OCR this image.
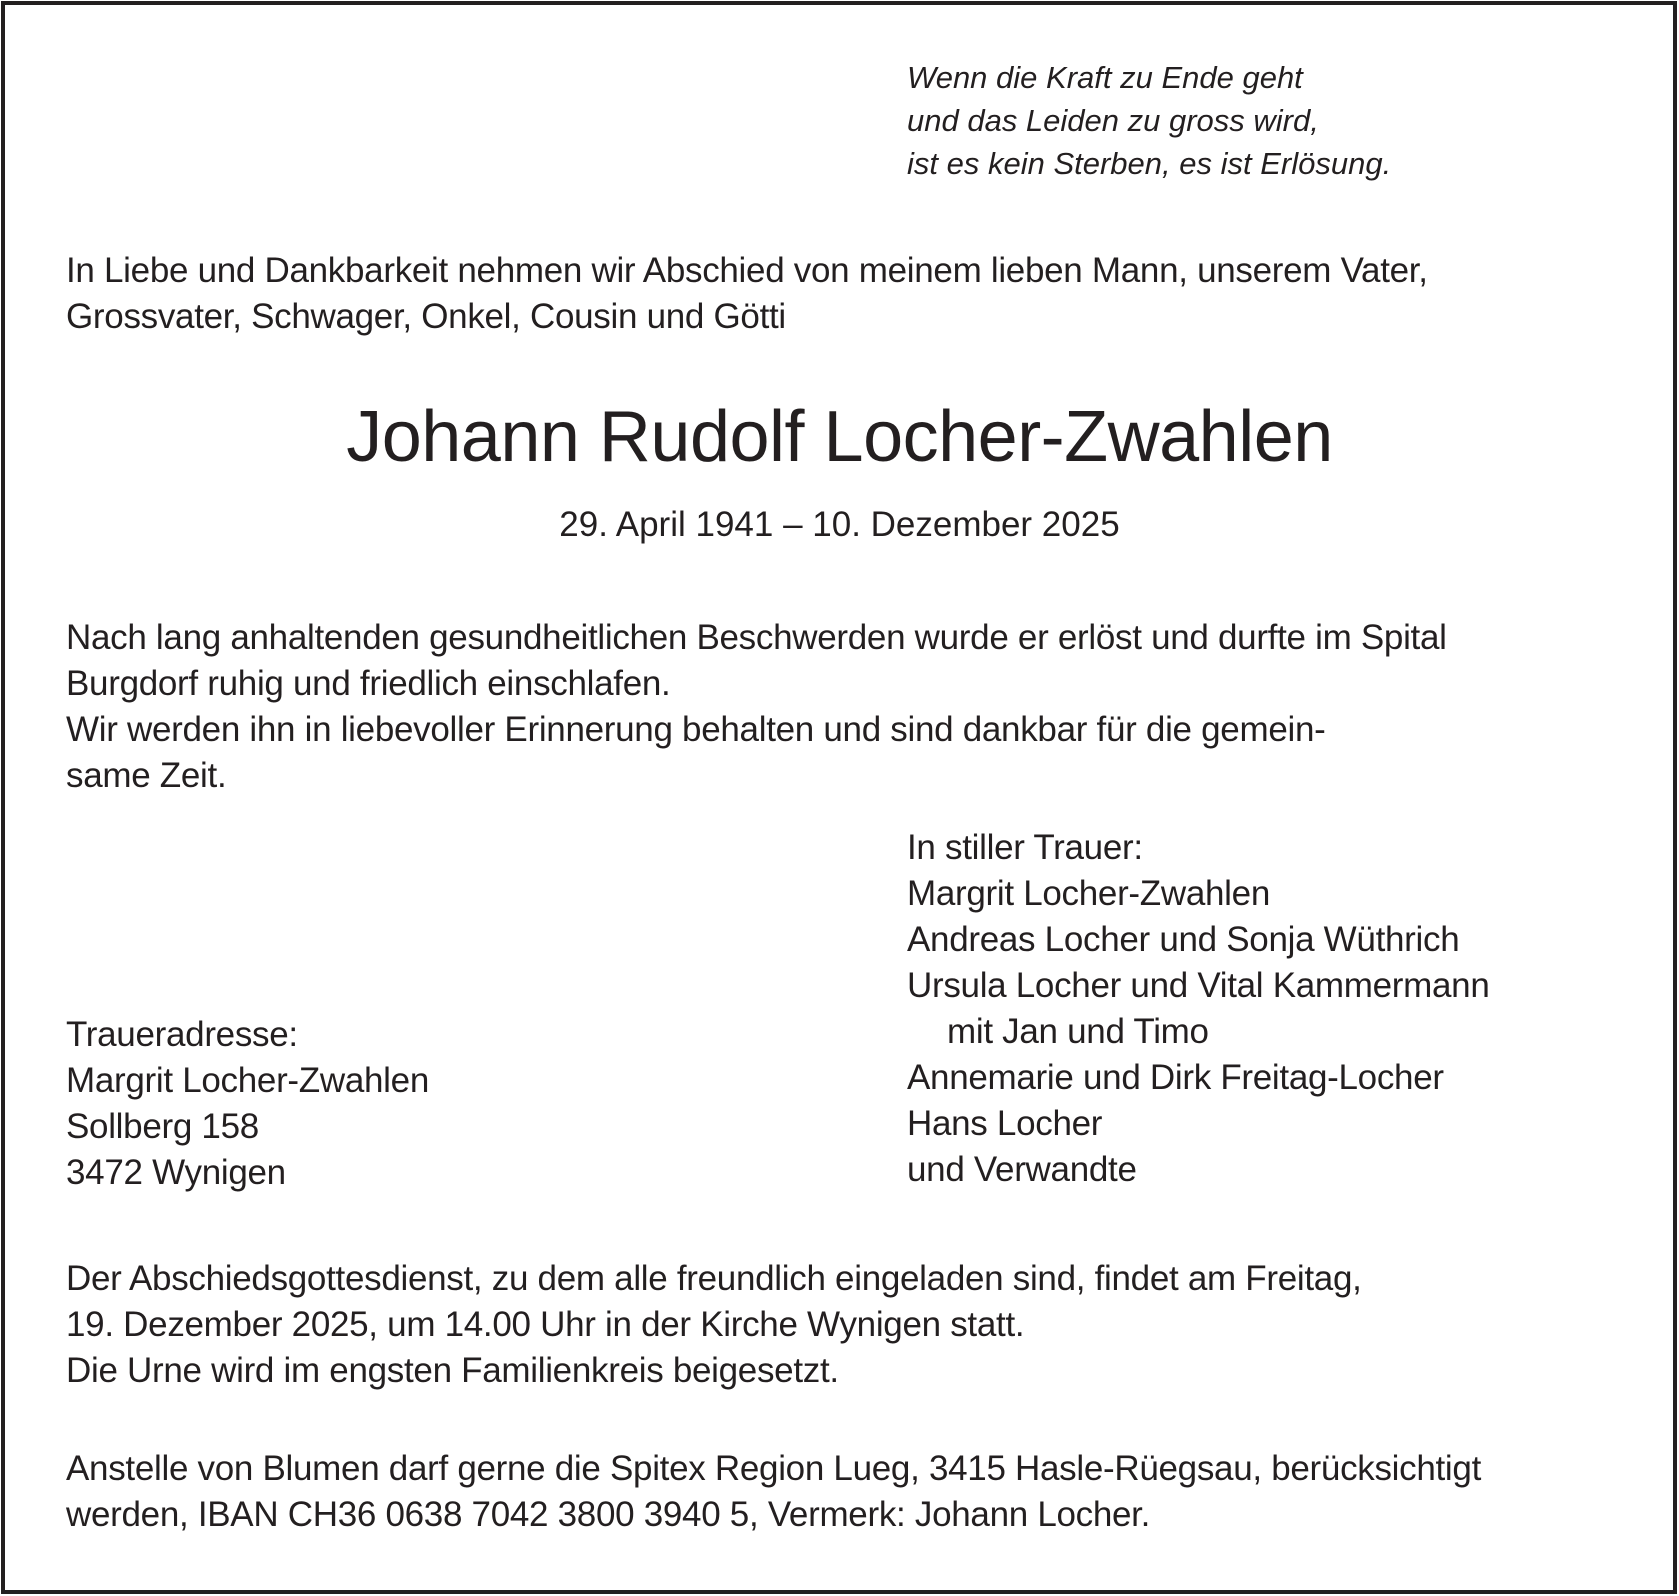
Wenn die Kraft zu Ende geht
und das Leiden zu gross wird,
ist es kein Sterben, es ist Erlösung.
In Liebe und Dankbarkeit nehmen wir Abschied von meinem lieben Mann, unserem Vater,
Grossvater, Schwager, Onkel, Cousin und Götti
Johann Rudolf Locher-Zwahlen
29. April 1941 – 10. Dezember 2025
Nach lang anhaltenden gesundheitlichen Beschwerden wurde er erlöst und durfte im Spital
Burgdorf ruhig und friedlich einschlafen.
Wir werden ihn in liebevoller Erinnerung behalten und sind dankbar für die gemein-
same Zeit.
In stiller Trauer:
Margrit Locher-Zwahlen
Andreas Locher und Sonja Wüthrich
Ursula Locher und Vital Kammermann
mit Jan und Timo
Annemarie und Dirk Freitag-Locher
Hans Locher
und Verwandte
Traueradresse:
Margrit Locher-Zwahlen
Sollberg 158
3472 Wynigen
Der Abschiedsgottesdienst, zu dem alle freundlich eingeladen sind, findet am Freitag,
19. Dezember 2025, um 14.00 Uhr in der Kirche Wynigen statt.
Die Urne wird im engsten Familienkreis beigesetzt.
Anstelle von Blumen darf gerne die Spitex Region Lueg, 3415 Hasle-Rüegsau, berücksichtigt
werden, IBAN CH36 0638 7042 3800 3940 5, Vermerk: Johann Locher.
